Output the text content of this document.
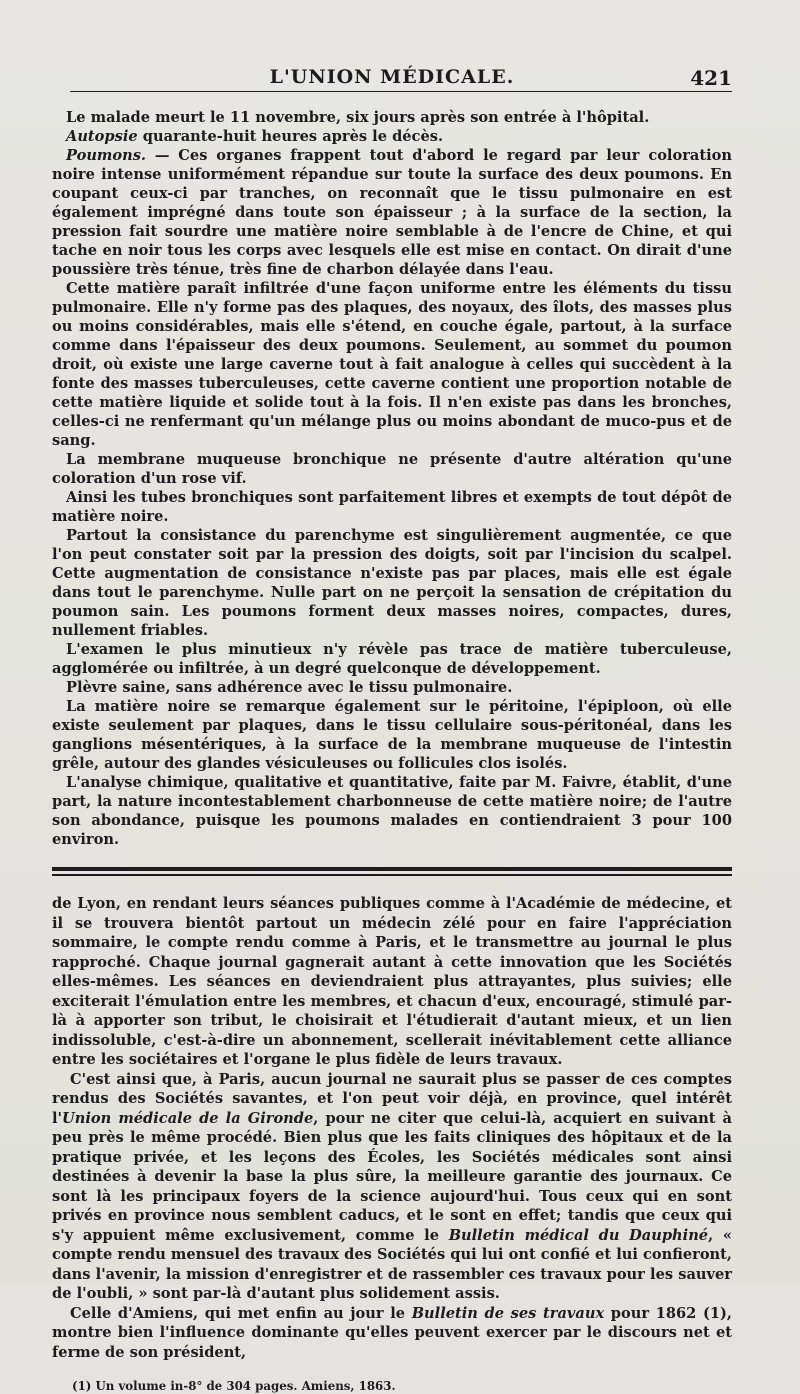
L'UNION MÉDICALE.	421

Le malade meurt le 11 novembre, six jours après son entrée à l'hôpital.

Autopsie quarante-huit heures après le décès.

Poumons. — Ces organes frappent tout d'abord le regard par leur coloration noire intense uniformément répandue sur toute la surface des deux poumons. En coupant ceux-ci par tranches, on reconnaît que le tissu pulmonaire en est également imprégné dans toute son épaisseur ; à la surface de la section, la pression fait sourdre une matière noire semblable à de l'encre de Chine, et qui tache en noir tous les corps avec lesquels elle est mise en contact. On dirait d'une poussière très ténue, très fine de charbon délayée dans l'eau.

Cette matière paraît infiltrée d'une façon uniforme entre les éléments du tissu pulmonaire. Elle n'y forme pas des plaques, des noyaux, des îlots, des masses plus ou moins considérables, mais elle s'étend, en couche égale, partout, à la surface comme dans l'épaisseur des deux poumons. Seulement, au sommet du poumon droit, où existe une large caverne tout à fait analogue à celles qui succèdent à la fonte des masses tuberculeuses, cette caverne contient une proportion notable de cette matière liquide et solide tout à la fois. Il n'en existe pas dans les bronches, celles-ci ne renfermant qu'un mélange plus ou moins abondant de muco-pus et de sang.

La membrane muqueuse bronchique ne présente d'autre altération qu'une coloration d'un rose vif.

Ainsi les tubes bronchiques sont parfaitement libres et exempts de tout dépôt de matière noire.

Partout la consistance du parenchyme est singulièrement augmentée, ce que l'on peut constater soit par la pression des doigts, soit par l'incision du scalpel. Cette augmentation de consistance n'existe pas par places, mais elle est égale dans tout le parenchyme. Nulle part on ne perçoit la sensation de crépitation du poumon sain. Les poumons forment deux masses noires, compactes, dures, nullement friables.

L'examen le plus minutieux n'y révèle pas trace de matière tuberculeuse, agglomérée ou infiltrée, à un degré quelconque de développement.

Plèvre saine, sans adhérence avec le tissu pulmonaire.

La matière noire se remarque également sur le péritoine, l'épiploon, où elle existe seulement par plaques, dans le tissu cellulaire sous-péritonéal, dans les ganglions mésentériques, à la surface de la membrane muqueuse de l'intestin grêle, autour des glandes vésiculeuses ou follicules clos isolés.

L'analyse chimique, qualitative et quantitative, faite par M. Faivre, établit, d'une part, la nature incontestablement charbonneuse de cette matière noire; de l'autre son abondance, puisque les poumons malades en contiendraient 3 pour 100 environ.

de Lyon, en rendant leurs séances publiques comme à l'Académie de médecine, et il se trouvera bientôt partout un médecin zélé pour en faire l'appréciation sommaire, le compte rendu comme à Paris, et le transmettre au journal le plus rapproché. Chaque journal gagnerait autant à cette innovation que les Sociétés elles-mêmes. Les séances en deviendraient plus attrayantes, plus suivies; elle exciterait l'émulation entre les membres, et chacun d'eux, encouragé, stimulé par-là à apporter son tribut, le choisirait et l'étudierait d'autant mieux, et un lien indissoluble, c'est-à-dire un abonnement, scellerait inévitablement cette alliance entre les sociétaires et l'organe le plus fidèle de leurs travaux.

C'est ainsi que, à Paris, aucun journal ne saurait plus se passer de ces comptes rendus des Sociétés savantes, et l'on peut voir déjà, en province, quel intérêt l'Union médicale de la Gironde, pour ne citer que celui-là, acquiert en suivant à peu près le même procédé. Bien plus que les faits cliniques des hôpitaux et de la pratique privée, et les leçons des Écoles, les Sociétés médicales sont ainsi destinées à devenir la base la plus sûre, la meilleure garantie des journaux. Ce sont là les principaux foyers de la science aujourd'hui. Tous ceux qui en sont privés en province nous semblent caducs, et le sont en effet; tandis que ceux qui s'y appuient même exclusivement, comme le Bulletin médical du Dauphiné, « compte rendu mensuel des travaux des Sociétés qui lui ont confié et lui confieront, dans l'avenir, la mission d'enregistrer et de rassembler ces travaux pour les sauver de l'oubli, » sont par-là d'autant plus solidement assis.

Celle d'Amiens, qui met enfin au jour le Bulletin de ses travaux pour 1862 (1), montre bien l'influence dominante qu'elles peuvent exercer par le discours net et ferme de son président,

(1) Un volume in-8° de 304 pages. Amiens, 1863.
